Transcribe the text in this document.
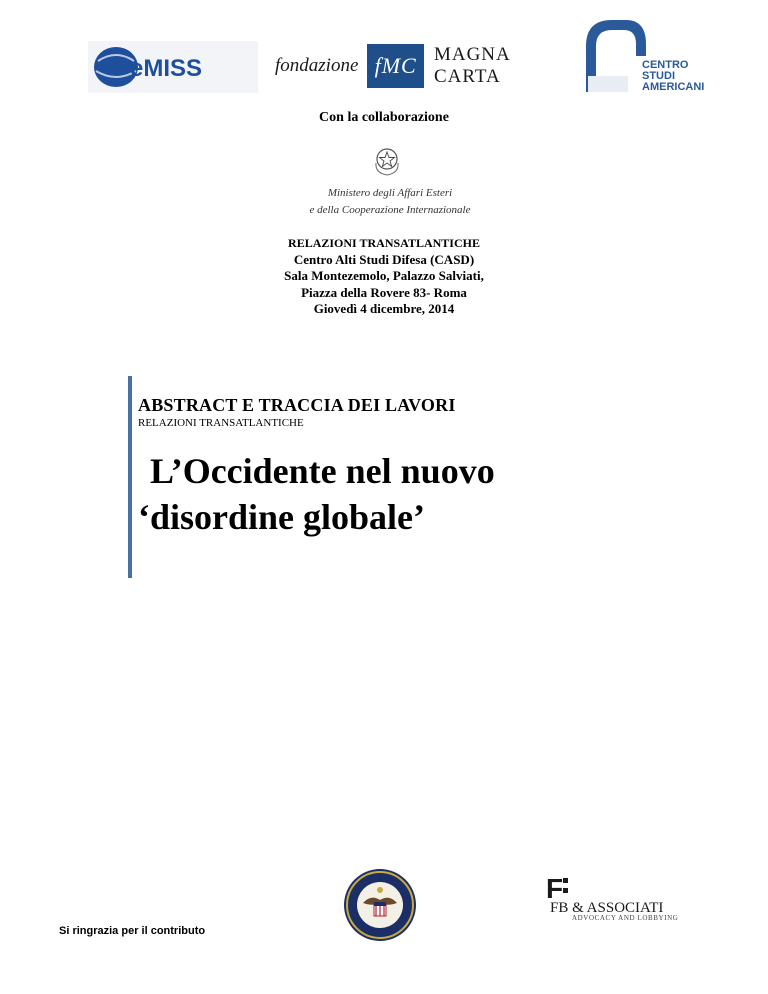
eMISS	fondazione fMC MAGNA CARTA
CENTRO
STUDI
AMERICANI
Con la collaborazione
Ministero degli Affari Esteri
e della Cooperazione Internazionale
RELAZIONI TRANSATLANTICHE
Centro Alti Studi Difesa (CASD)
Sala Montezemolo, Palazzo Salviati,
Piazza della Rovere 83- Roma
Giovedì 4 dicembre, 2014
ABSTRACT E TRACCIA DEI LAVORI
RELAZIONI TRANSATLANTICHE
L’Occidente nel nuovo
‘disordine globale’
F
FB & ASSOCIATI
ADVOCACY AND LOBBYING
Si ringrazia per il contributo
